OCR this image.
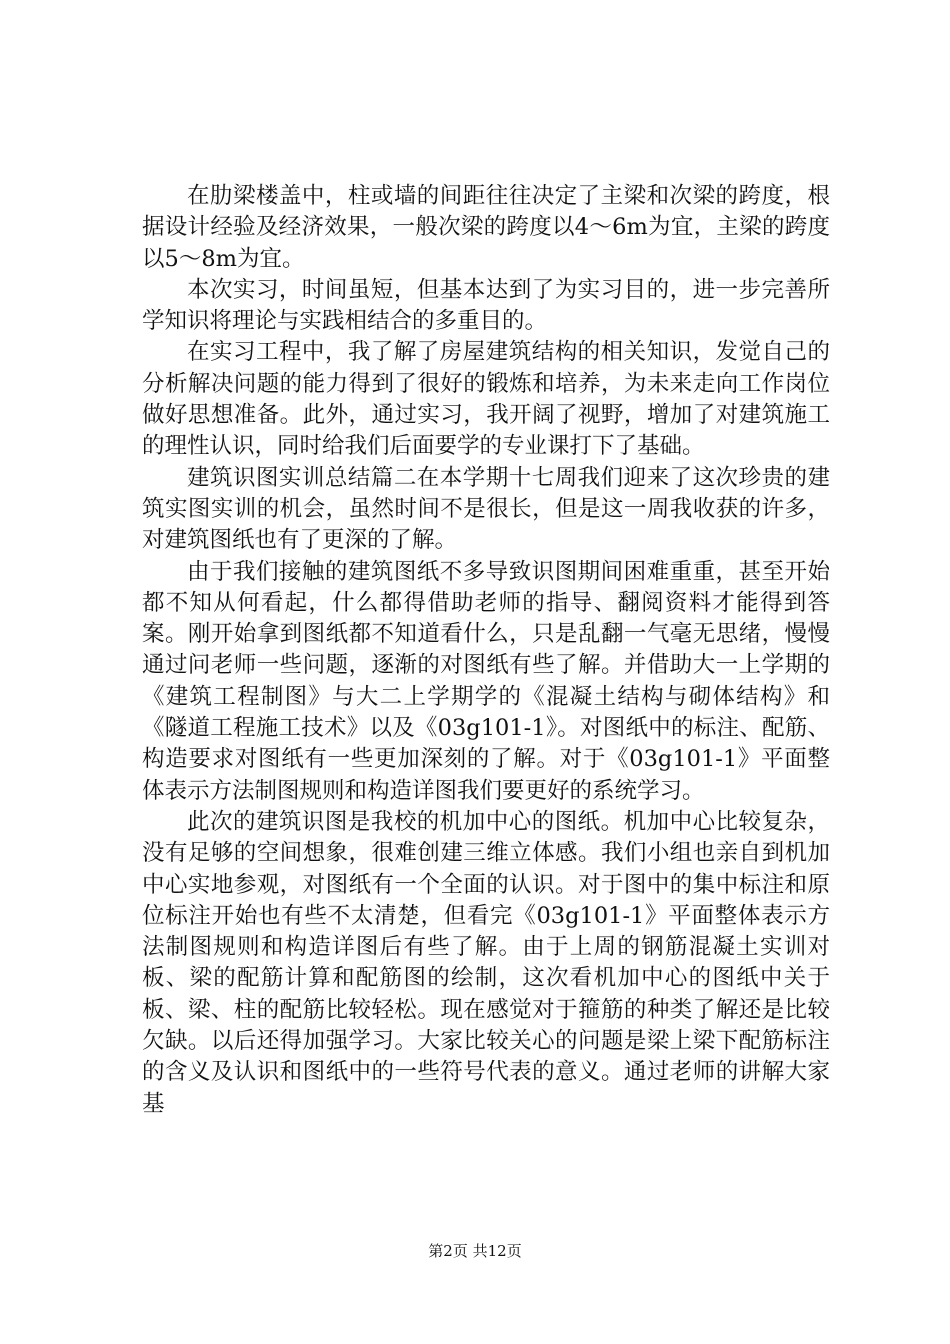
在肋梁楼盖中，柱或墙的间距往往决定了主梁和次梁的跨度，根据设计经验及经济效果，一般次梁的跨度以4～6m为宜，主梁的跨度以5～8m为宜。

本次实习，时间虽短，但基本达到了为实习目的，进一步完善所学知识将理论与实践相结合的多重目的。

在实习工程中，我了解了房屋建筑结构的相关知识，发觉自己的分析解决问题的能力得到了很好的锻炼和培养，为未来走向工作岗位做好思想准备。此外，通过实习，我开阔了视野，增加了对建筑施工的理性认识，同时给我们后面要学的专业课打下了基础。

建筑识图实训总结篇二在本学期十七周我们迎来了这次珍贵的建筑实图实训的机会，虽然时间不是很长，但是这一周我收获的许多，对建筑图纸也有了更深的了解。

由于我们接触的建筑图纸不多导致识图期间困难重重，甚至开始都不知从何看起，什么都得借助老师的指导、翻阅资料才能得到答案。刚开始拿到图纸都不知道看什么，只是乱翻一气毫无思绪，慢慢通过问老师一些问题，逐渐的对图纸有些了解。并借助大一上学期的《建筑工程制图》与大二上学期学的《混凝土结构与砌体结构》和《隧道工程施工技术》以及《03g101-1》。对图纸中的标注、配筋、构造要求对图纸有一些更加深刻的了解。对于《03g101-1》平面整体表示方法制图规则和构造详图我们要更好的系统学习。

此次的建筑识图是我校的机加中心的图纸。机加中心比较复杂，没有足够的空间想象，很难创建三维立体感。我们小组也亲自到机加中心实地参观，对图纸有一个全面的认识。对于图中的集中标注和原位标注开始也有些不太清楚，但看完《03g101-1》平面整体表示方法制图规则和构造详图后有些了解。由于上周的钢筋混凝土实训对板、梁的配筋计算和配筋图的绘制，这次看机加中心的图纸中关于板、梁、柱的配筋比较轻松。现在感觉对于箍筋的种类了解还是比较欠缺。以后还得加强学习。大家比较关心的问题是梁上梁下配筋标注的含义及认识和图纸中的一些符号代表的意义。通过老师的讲解大家基

第2页 共12页
